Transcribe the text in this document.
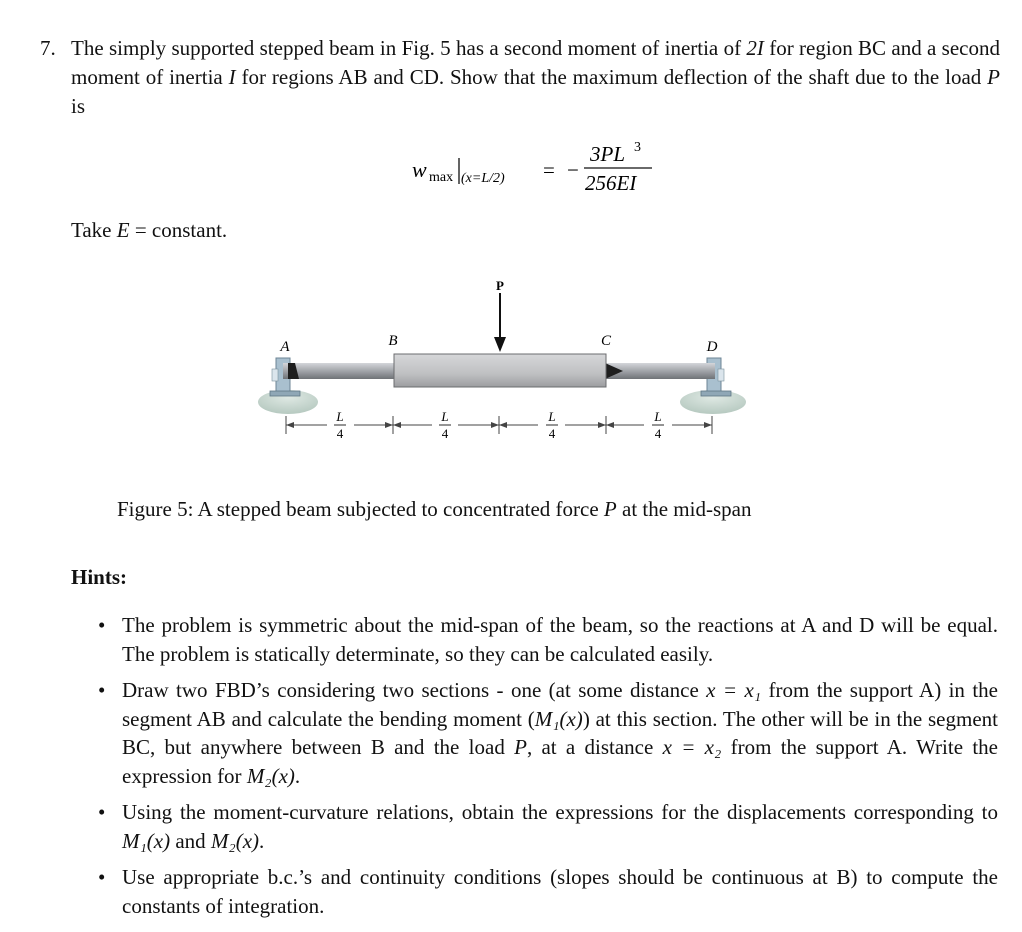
7. The simply supported stepped beam in Fig. 5 has a second moment of inertia of 2I for region BC and a second moment of inertia I for regions AB and CD. Show that the maximum deflection of the shaft due to the load P is
w max (x=L/2) = −
3PL 3
256EI
Take E = constant.
P
A	B	C	D
L
4
L
4
L
4
L
4
Figure 5: A stepped beam subjected to concentrated force P at the mid-span
Hints:
• The problem is symmetric about the mid-span of the beam, so the reactions at A and D will be equal. The problem is statically determinate, so they can be calculated easily.
• Draw two FBD’s considering two sections - one (at some distance x = x₁ from the support A) in the segment AB and calculate the bending moment (M₁(x)) at this section. The other will be in the segment BC, but anywhere between B and the load P, at a distance x = x₂ from the support A. Write the expression for M₂(x).
• Using the moment-curvature relations, obtain the expressions for the displacements corresponding to M₁(x) and M₂(x).
• Use appropriate b.c.’s and continuity conditions (slopes should be continuous at B) to compute the constants of integration.
